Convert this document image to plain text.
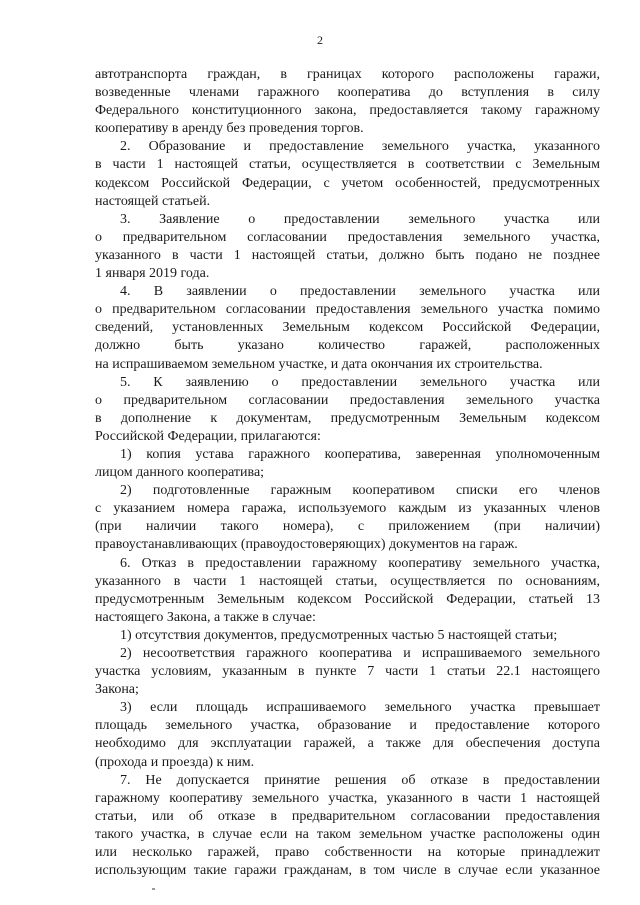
2
автотранспорта граждан, в границах которого расположены гаражи,
возведенные членами гаражного кооператива до вступления в силу
Федерального конституционного закона, предоставляется такому гаражному
кооперативу в аренду без проведения торгов.
2. Образование и предоставление земельного участка, указанного
в части 1 настоящей статьи, осуществляется в соответствии с Земельным
кодексом Российской Федерации, с учетом особенностей, предусмотренных
настоящей статьей.
3. Заявление о предоставлении земельного участка или
о предварительном согласовании предоставления земельного участка,
указанного в части 1 настоящей статьи, должно быть подано не позднее
1 января 2019 года.
4. В заявлении о предоставлении земельного участка или
о предварительном согласовании предоставления земельного участка помимо
сведений, установленных Земельным кодексом Российской Федерации,
должно быть указано количество гаражей, расположенных
на испрашиваемом земельном участке, и дата окончания их строительства.
5. К заявлению о предоставлении земельного участка или
о предварительном согласовании предоставления земельного участка
в дополнение к документам, предусмотренным Земельным кодексом
Российской Федерации, прилагаются:
1) копия устава гаражного кооператива, заверенная уполномоченным
лицом данного кооператива;
2) подготовленные гаражным кооперативом списки его членов
с указанием номера гаража, используемого каждым из указанных членов
(при наличии такого номера), с приложением (при наличии)
правоустанавливающих (правоудостоверяющих) документов на гараж.
6. Отказ в предоставлении гаражному кооперативу земельного участка,
указанного в части 1 настоящей статьи, осуществляется по основаниям,
предусмотренным Земельным кодексом Российской Федерации, статьей 13
настоящего Закона, а также в случае:
1) отсутствия документов, предусмотренных частью 5 настоящей статьи;
2) несоответствия гаражного кооператива и испрашиваемого земельного
участка условиям, указанным в пункте 7 части 1 статьи 22.1 настоящего
Закона;
3) если площадь испрашиваемого земельного участка превышает
площадь земельного участка, образование и предоставление которого
необходимо для эксплуатации гаражей, а также для обеспечения доступа
(прохода и проезда) к ним.
7. Не допускается принятие решения об отказе в предоставлении
гаражному кооперативу земельного участка, указанного в части 1 настоящей
статьи, или об отказе в предварительном согласовании предоставления
такого участка, в случае если на таком земельном участке расположены один
или несколько гаражей, право собственности на которые принадлежит
использующим такие гаражи гражданам, в том числе в случае если указанное
